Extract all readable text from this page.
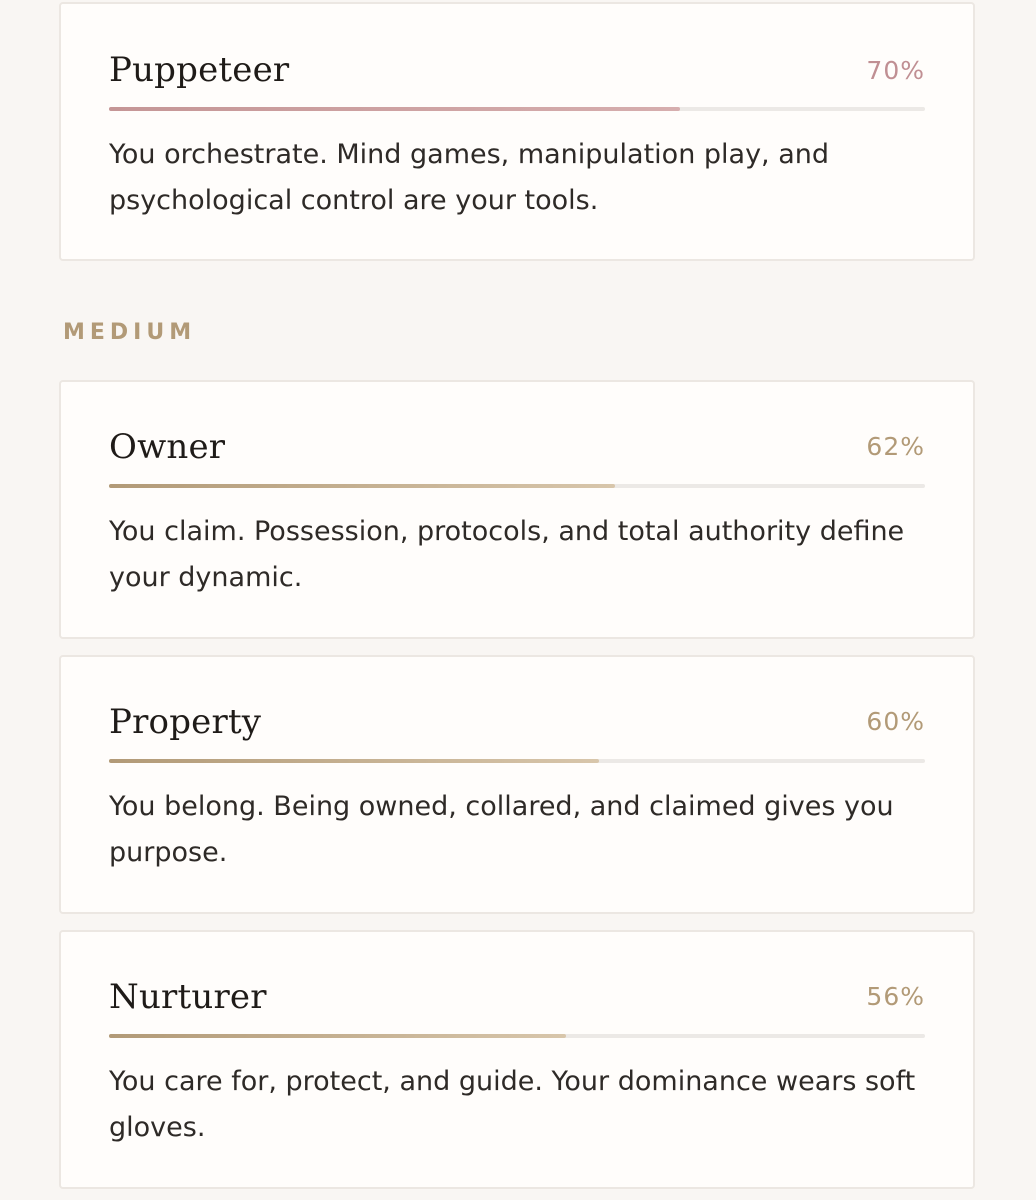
Puppeteer	70%
You orchestrate. Mind games, manipulation play, and psychological control are your tools.
MEDIUM
Owner	62%
You claim. Possession, protocols, and total authority define your dynamic.
Property	60%
You belong. Being owned, collared, and claimed gives you purpose.
Nurturer	56%
You care for, protect, and guide. Your dominance wears soft gloves.
